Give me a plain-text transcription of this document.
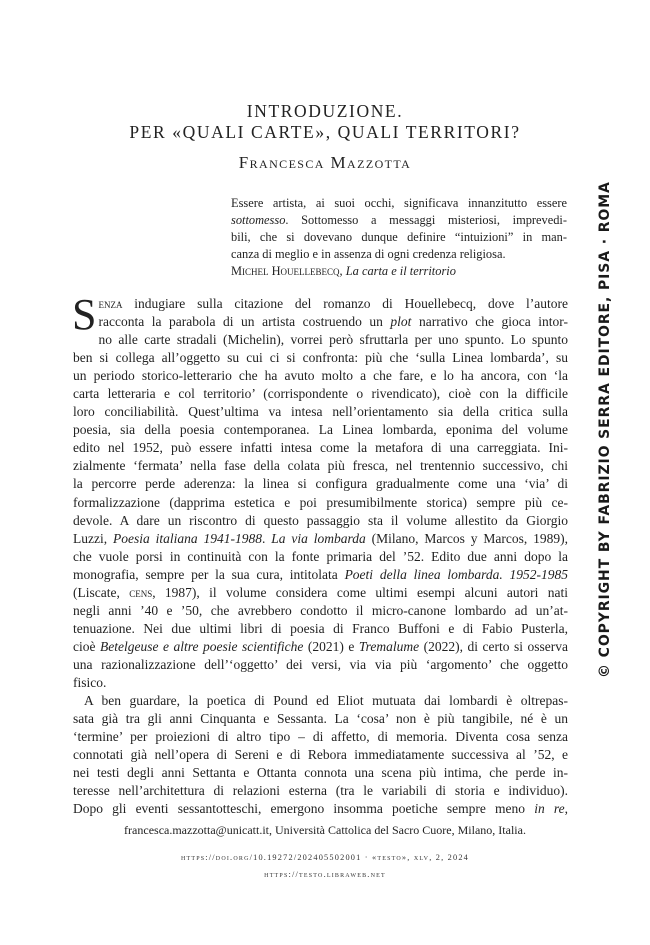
INTRODUZIONE.
PER «QUALI CARTE», QUALI TERRITORI?
Francesca Mazzotta
Essere artista, ai suoi occhi, significava innanzitutto essere
sottomesso. Sottomesso a messaggi misteriosi, imprevedi-
bili, che si dovevano dunque definire “intuizioni” in man-
canza di meglio e in assenza di ogni credenza religiosa.
Michel Houellebecq, La carta e il territorio
S enza indugiare sulla citazione del romanzo di Houellebecq, dove l’autore
racconta la parabola di un artista costruendo un plot narrativo che gioca intor-
no alle carte stradali (Michelin), vorrei però sfruttarla per uno spunto. Lo spunto
ben si collega all’oggetto su cui ci si confronta: più che ‘sulla Linea lombarda’, su
un periodo storico-letterario che ha avuto molto a che fare, e lo ha ancora, con ‘la
carta letteraria e col territorio’ (corrispondente o rivendicato), cioè con la difficile
loro conciliabilità. Quest’ultima va intesa nell’orientamento sia della critica sulla
poesia, sia della poesia contemporanea. La Linea lombarda, eponima del volume
edito nel 1952, può essere infatti intesa come la metafora di una carreggiata. Ini-
zialmente ‘fermata’ nella fase della colata più fresca, nel trentennio successivo, chi
la percorre perde aderenza: la linea si configura gradualmente come una ‘via’ di
formalizzazione (dapprima estetica e poi presumibilmente storica) sempre più ce-
devole. A dare un riscontro di questo passaggio sta il volume allestito da Giorgio
Luzzi, Poesia italiana 1941-1988. La via lombarda (Milano, Marcos y Marcos, 1989),
che vuole porsi in continuità con la fonte primaria del ’52. Edito due anni dopo la
monografia, sempre per la sua cura, intitolata Poeti della linea lombarda. 1952-1985
(Liscate, cens, 1987), il volume considera come ultimi esempi alcuni autori nati
negli anni ’40 e ’50, che avrebbero condotto il micro-canone lombardo ad un’at-
tenuazione. Nei due ultimi libri di poesia di Franco Buffoni e di Fabio Pusterla,
cioè Betelgeuse e altre poesie scientifiche (2021) e Tremalume (2022), di certo si osserva
una razionalizzazione dell’‘oggetto’ dei versi, via via più ‘argomento’ che oggetto
fisico.
A ben guardare, la poetica di Pound ed Eliot mutuata dai lombardi è oltrepas-
sata già tra gli anni Cinquanta e Sessanta. La ‘cosa’ non è più tangibile, né è un
‘termine’ per proiezioni di altro tipo – di affetto, di memoria. Diventa cosa senza
connotati già nell’opera di Sereni e di Rebora immediatamente successiva al ’52, e
nei testi degli anni Settanta e Ottanta connota una scena più intima, che perde in-
teresse nell’architettura di relazioni esterna (tra le variabili di storia e individuo).
Dopo gli eventi sessantotteschi, emergono insomma poetiche sempre meno in re,
© COPYRIGHT BY FABRIZIO SERRA EDITORE, PISA · ROMA
francesca.mazzotta@unicatt.it, Università Cattolica del Sacro Cuore, Milano, Italia.
https://doi.org/10.19272/202405502001 · «testo», xlv, 2, 2024
https://testo.libraweb.net
